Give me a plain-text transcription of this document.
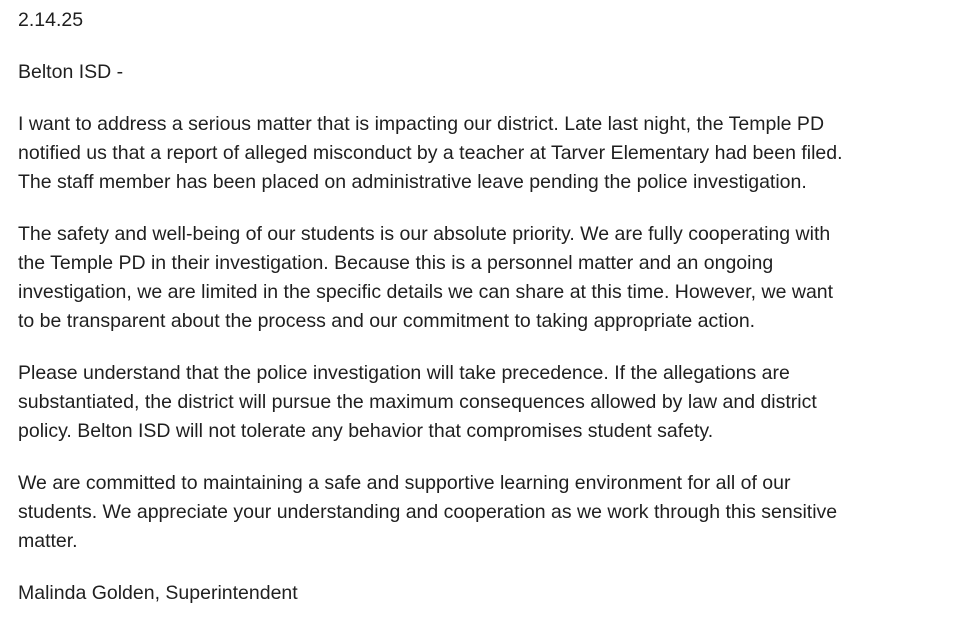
2.14.25
Belton ISD -
I want to address a serious matter that is impacting our district. Late last night, the Temple PD
notified us that a report of alleged misconduct by a teacher at Tarver Elementary had been filed.
The staff member has been placed on administrative leave pending the police investigation.
The safety and well-being of our students is our absolute priority. We are fully cooperating with
the Temple PD in their investigation. Because this is a personnel matter and an ongoing
investigation, we are limited in the specific details we can share at this time. However, we want
to be transparent about the process and our commitment to taking appropriate action.
Please understand that the police investigation will take precedence. If the allegations are
substantiated, the district will pursue the maximum consequences allowed by law and district
policy. Belton ISD will not tolerate any behavior that compromises student safety.
We are committed to maintaining a safe and supportive learning environment for all of our
students. We appreciate your understanding and cooperation as we work through this sensitive
matter.
Malinda Golden, Superintendent
